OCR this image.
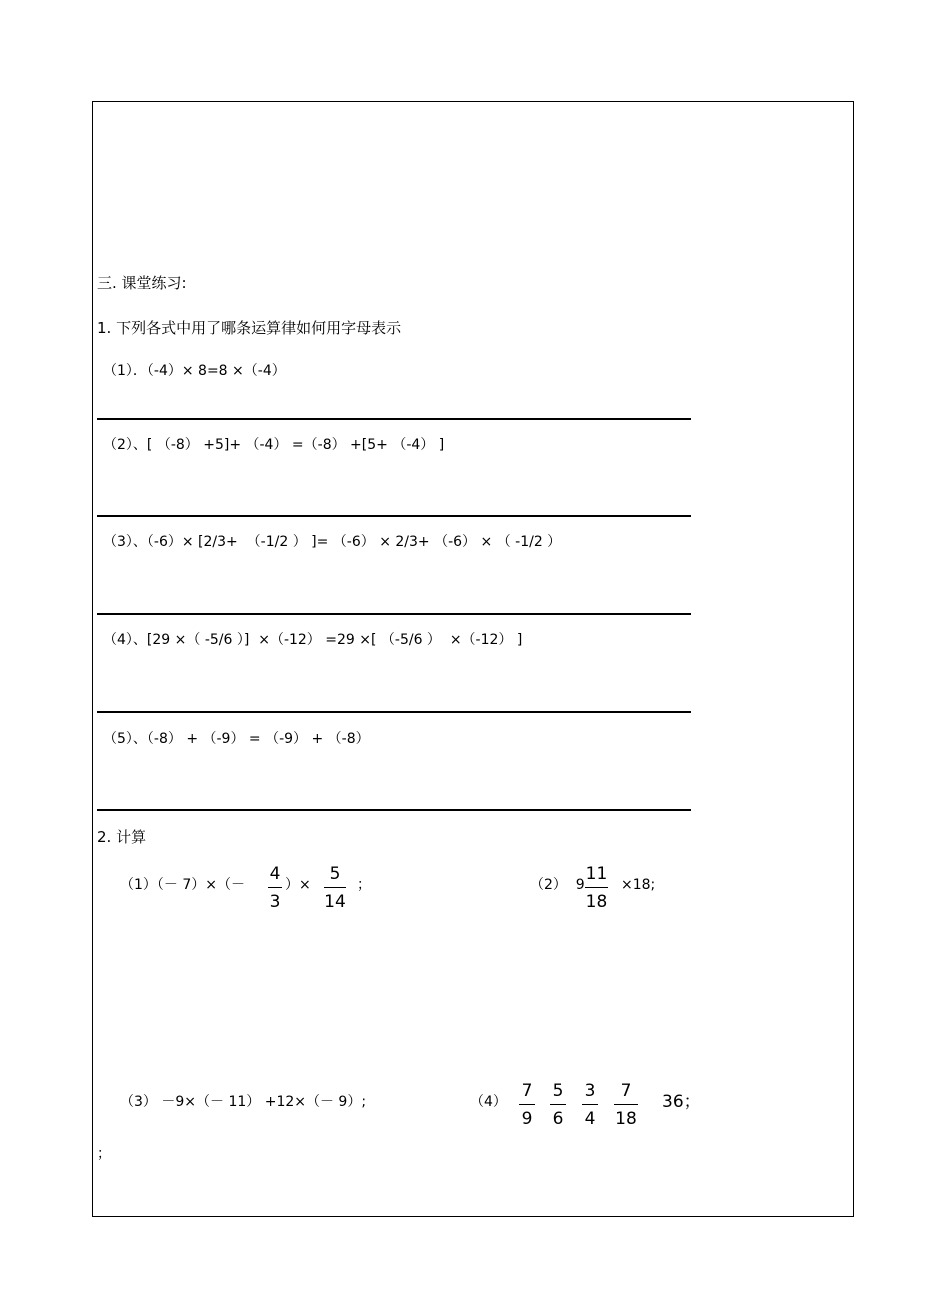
三. 课堂练习:
1. 下列各式中用了哪条运算律如何用字母表示
（1）．（-4）× 8=8 ×（-4）
（2）、[ （-8） +5]+ （-4） =（-8） +[5+ （-4） ]
（3）、（-6）× [2/3+  （-1/2 ） ]= （-6） × 2/3+ （-6） × （ -1/2 ）
（4）、[29 ×（ -5/6 ）]  ×（-12） =29 ×[ （-5/6 ）  ×（-12） ]
（5）、（-8） + （-9） = （-9） + （-8）
2. 计算
（1）（－ 7）×（－
4
3
）×
5
14
；	（2）  9
11
18
×18;
（3） －9×（－ 11） +12×（－ 9）;	（4）
7
9
5
6
3
4
7
18
36；
；
